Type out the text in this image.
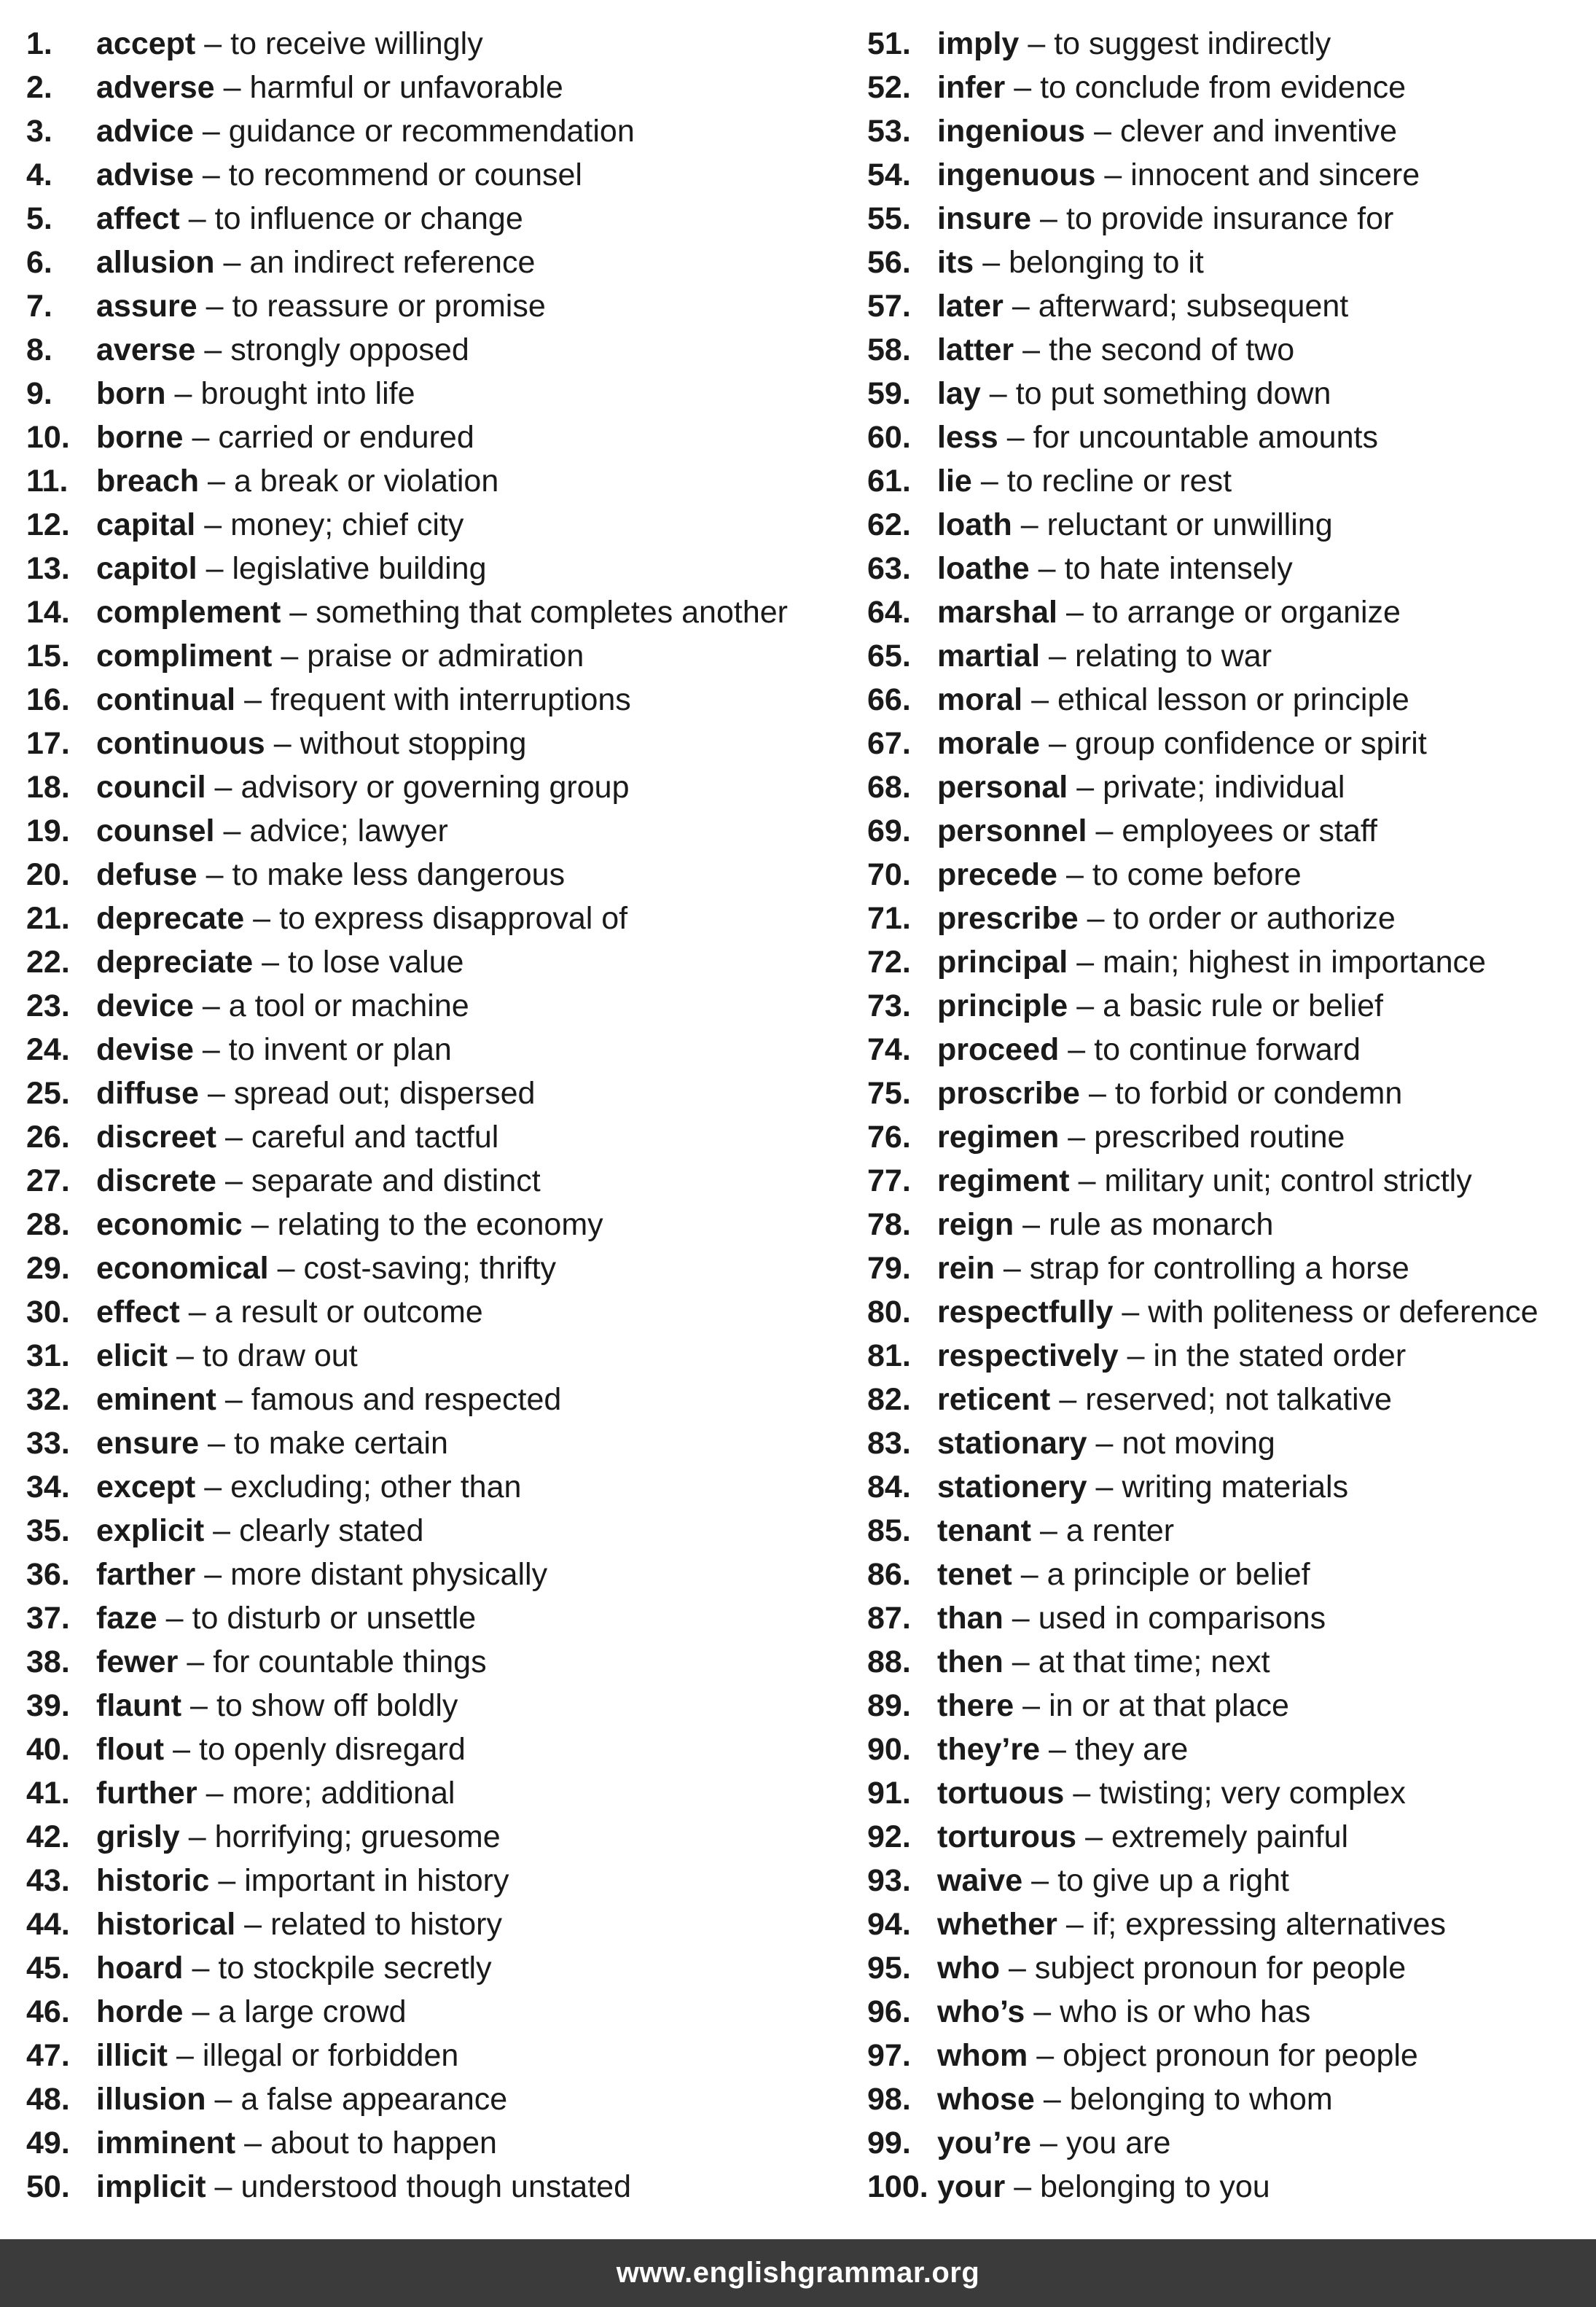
1.	accept – to receive willingly
2.	adverse – harmful or unfavorable
3.	advice – guidance or recommendation
4.	advise – to recommend or counsel
5.	affect – to influence or change
6.	allusion – an indirect reference
7.	assure – to reassure or promise
8.	averse – strongly opposed
9.	born – brought into life
10. borne – carried or endured
11. breach – a break or violation
12. capital – money; chief city
13. capitol – legislative building
14. complement – something that completes another
15. compliment – praise or admiration
16. continual – frequent with interruptions
17. continuous – without stopping
18. council – advisory or governing group
19. counsel – advice; lawyer
20. defuse – to make less dangerous
21. deprecate – to express disapproval of
22. depreciate – to lose value
23. device – a tool or machine
24. devise – to invent or plan
25. diffuse – spread out; dispersed
26. discreet – careful and tactful
27. discrete – separate and distinct
28. economic – relating to the economy
29. economical – cost-saving; thrifty
30. effect – a result or outcome
31. elicit – to draw out
32. eminent – famous and respected
33. ensure – to make certain
34. except – excluding; other than
35. explicit – clearly stated
36. farther – more distant physically
37. faze – to disturb or unsettle
38. fewer – for countable things
39. flaunt – to show off boldly
40. flout – to openly disregard
41. further – more; additional
42. grisly – horrifying; gruesome
43. historic – important in history
44. historical – related to history
45. hoard – to stockpile secretly
46. horde – a large crowd
47. illicit – illegal or forbidden
48. illusion – a false appearance
49. imminent – about to happen
50. implicit – understood though unstated
51. imply – to suggest indirectly
52. infer – to conclude from evidence
53. ingenious – clever and inventive
54. ingenuous – innocent and sincere
55. insure – to provide insurance for
56. its – belonging to it
57. later – afterward; subsequent
58. latter – the second of two
59. lay – to put something down
60. less – for uncountable amounts
61. lie – to recline or rest
62. loath – reluctant or unwilling
63. loathe – to hate intensely
64. marshal – to arrange or organize
65. martial – relating to war
66. moral – ethical lesson or principle
67. morale – group confidence or spirit
68. personal – private; individual
69. personnel – employees or staff
70. precede – to come before
71. prescribe – to order or authorize
72. principal – main; highest in importance
73. principle – a basic rule or belief
74. proceed – to continue forward
75. proscribe – to forbid or condemn
76. regimen – prescribed routine
77. regiment – military unit; control strictly
78. reign – rule as monarch
79. rein – strap for controlling a horse
80. respectfully – with politeness or deference
81. respectively – in the stated order
82. reticent – reserved; not talkative
83. stationary – not moving
84. stationery – writing materials
85. tenant – a renter
86. tenet – a principle or belief
87. than – used in comparisons
88. then – at that time; next
89. there – in or at that place
90. they’re – they are
91. tortuous – twisting; very complex
92. torturous – extremely painful
93. waive – to give up a right
94. whether – if; expressing alternatives
95. who – subject pronoun for people
96. who’s – who is or who has
97. whom – object pronoun for people
98. whose – belonging to whom
99. you’re – you are
100. your – belonging to you
www.englishgrammar.org
